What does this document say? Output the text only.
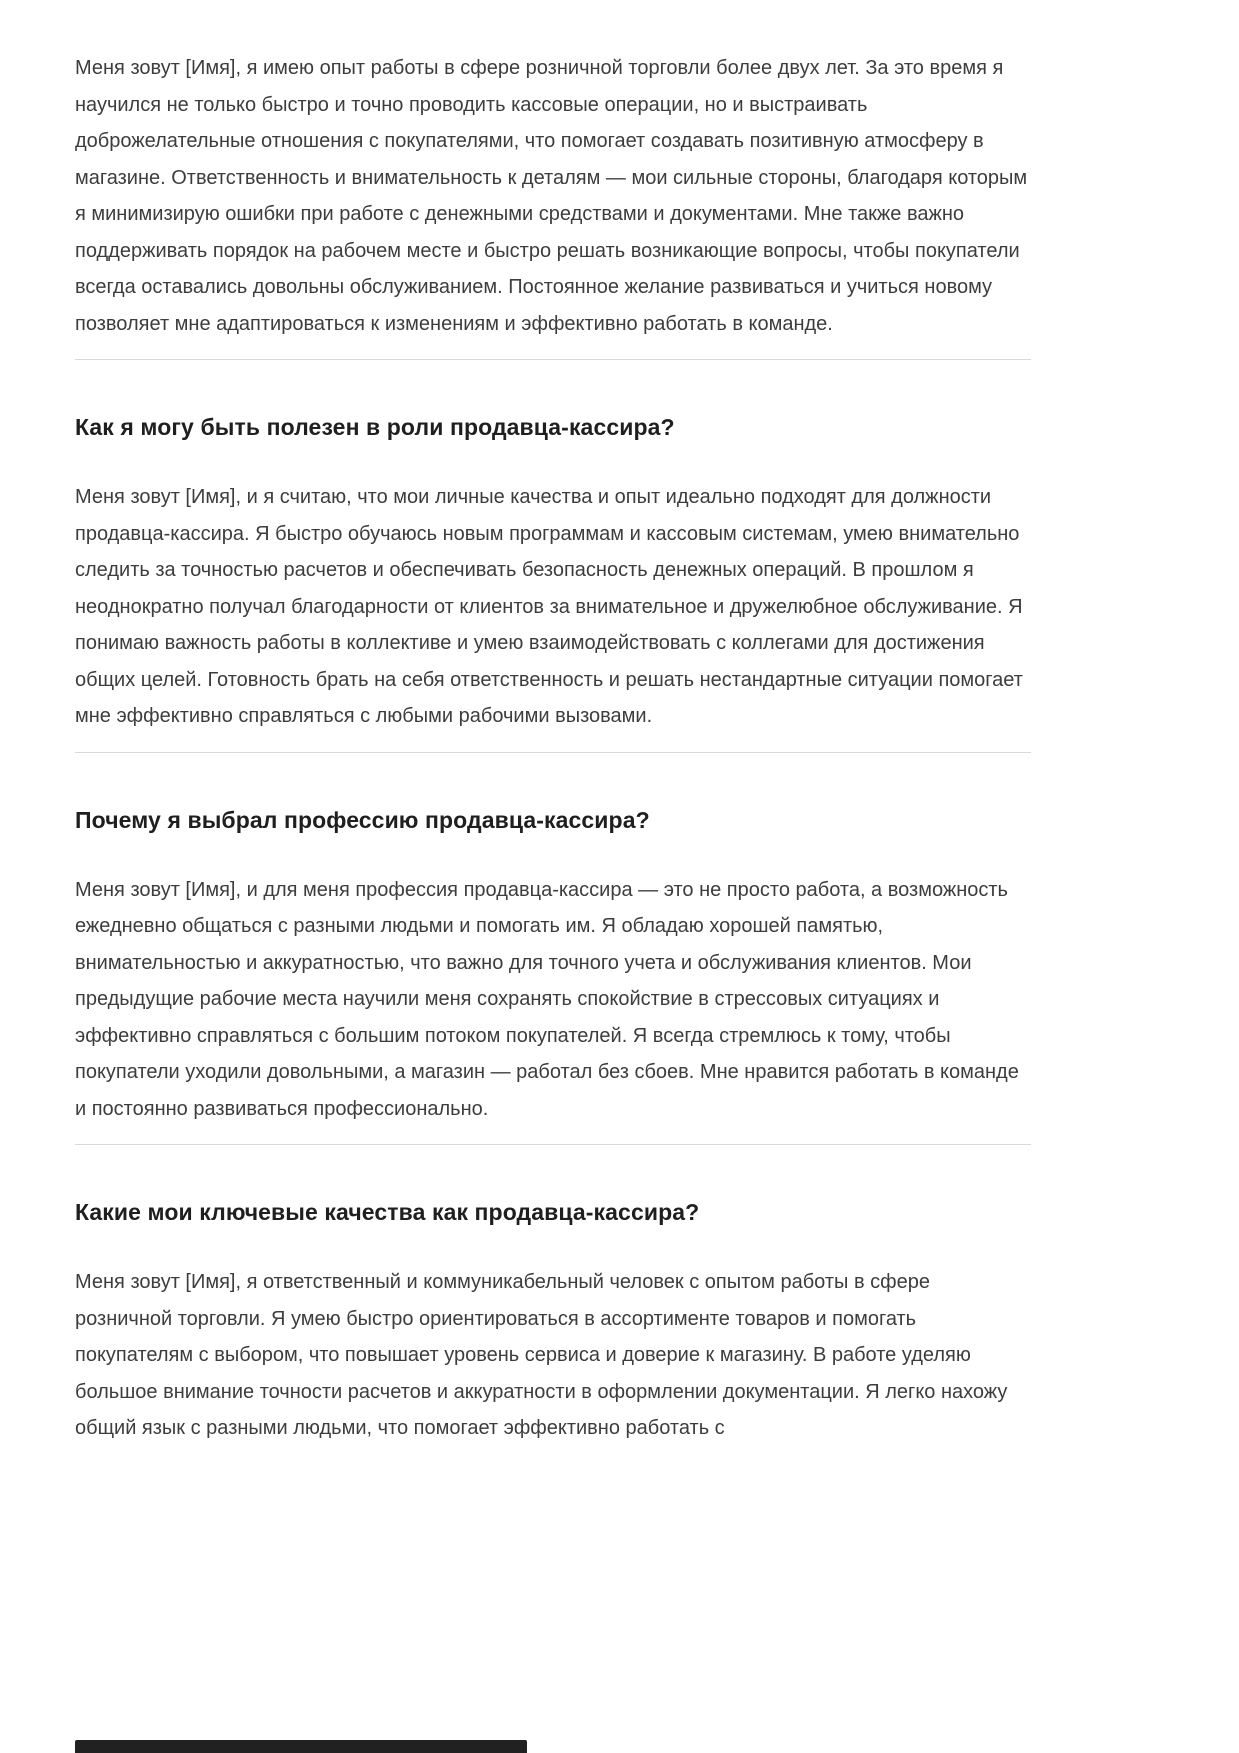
Меня зовут [Имя], я имею опыт работы в сфере розничной торговли более двух лет. За это время я научился не только быстро и точно проводить кассовые операции, но и выстраивать доброжелательные отношения с покупателями, что помогает создавать позитивную атмосферу в магазине. Ответственность и внимательность к деталям — мои сильные стороны, благодаря которым я минимизирую ошибки при работе с денежными средствами и документами. Мне также важно поддерживать порядок на рабочем месте и быстро решать возникающие вопросы, чтобы покупатели всегда оставались довольны обслуживанием. Постоянное желание развиваться и учиться новому позволяет мне адаптироваться к изменениям и эффективно работать в команде.

Как я могу быть полезен в роли продавца-кассира?

Меня зовут [Имя], и я считаю, что мои личные качества и опыт идеально подходят для должности продавца-кассира. Я быстро обучаюсь новым программам и кассовым системам, умею внимательно следить за точностью расчетов и обеспечивать безопасность денежных операций. В прошлом я неоднократно получал благодарности от клиентов за внимательное и дружелюбное обслуживание. Я понимаю важность работы в коллективе и умею взаимодействовать с коллегами для достижения общих целей. Готовность брать на себя ответственность и решать нестандартные ситуации помогает мне эффективно справляться с любыми рабочими вызовами.

Почему я выбрал профессию продавца-кассира?

Меня зовут [Имя], и для меня профессия продавца-кассира — это не просто работа, а возможность ежедневно общаться с разными людьми и помогать им. Я обладаю хорошей памятью, внимательностью и аккуратностью, что важно для точного учета и обслуживания клиентов. Мои предыдущие рабочие места научили меня сохранять спокойствие в стрессовых ситуациях и эффективно справляться с большим потоком покупателей. Я всегда стремлюсь к тому, чтобы покупатели уходили довольными, а магазин — работал без сбоев. Мне нравится работать в команде и постоянно развиваться профессионально.

Какие мои ключевые качества как продавца-кассира?

Меня зовут [Имя], я ответственный и коммуникабельный человек с опытом работы в сфере розничной торговли. Я умею быстро ориентироваться в ассортименте товаров и помогать покупателям с выбором, что повышает уровень сервиса и доверие к магазину. В работе уделяю большое внимание точности расчетов и аккуратности в оформлении документации. Я легко нахожу общий язык с разными людьми, что помогает эффективно работать с
